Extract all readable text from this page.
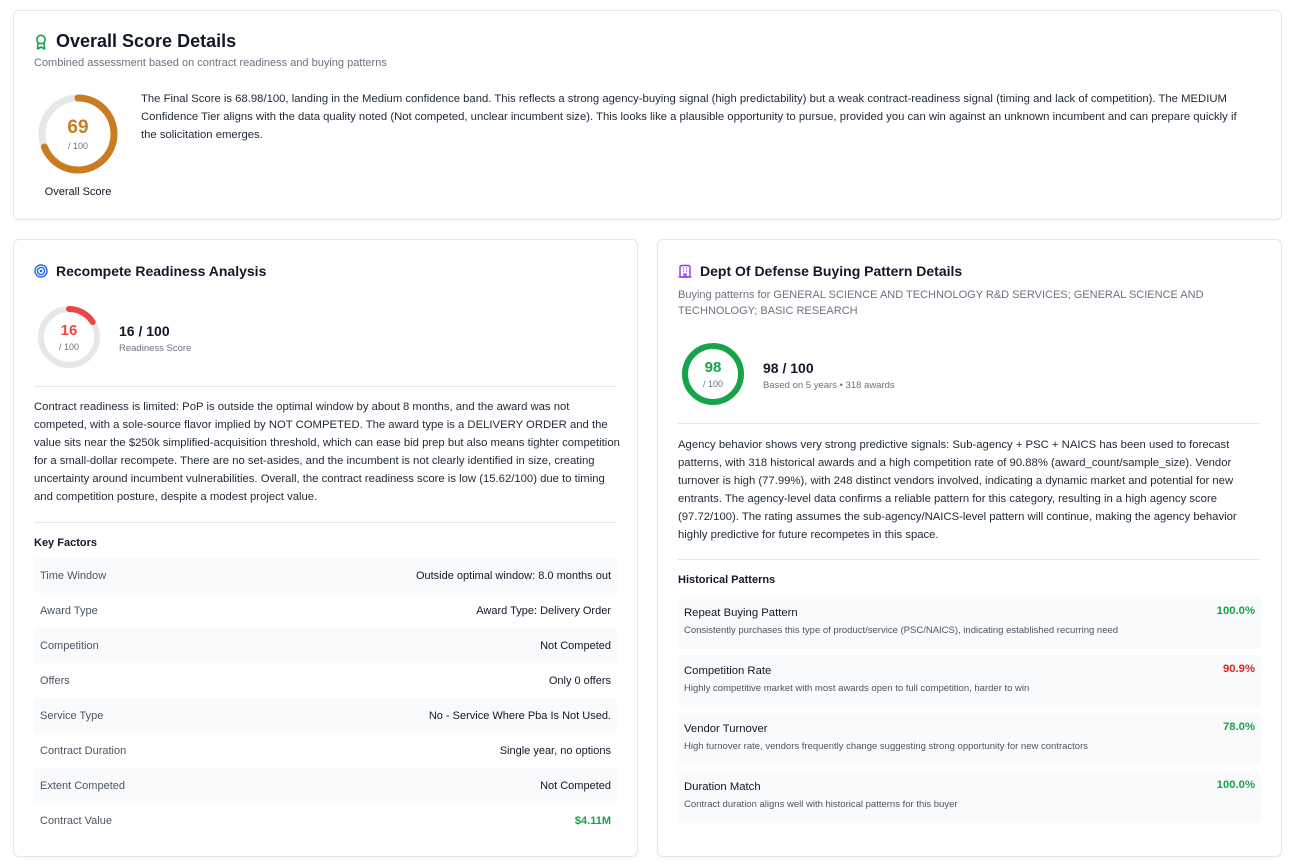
Overall Score Details
Combined assessment based on contract readiness and buying patterns
69
/ 100
Overall Score
The Final Score is 68.98/100, landing in the Medium confidence band. This reflects a strong agency-buying signal (high predictability) but a weak contract-readiness signal (timing and lack of competition). The MEDIUM Confidence Tier aligns with the data quality noted (Not competed, unclear incumbent size). This looks like a plausible opportunity to pursue, provided you can win against an unknown incumbent and can prepare quickly if the solicitation emerges.
Recompete Readiness Analysis
16
/ 100
16 / 100
Readiness Score
Contract readiness is limited: PoP is outside the optimal window by about 8 months, and the award was not competed, with a sole-source flavor implied by NOT COMPETED. The award type is a DELIVERY ORDER and the value sits near the $250k simplified-acquisition threshold, which can ease bid prep but also means tighter competition for a small-dollar recompete. There are no set-asides, and the incumbent is not clearly identified in size, creating uncertainty around incumbent vulnerabilities. Overall, the contract readiness score is low (15.62/100) due to timing and competition posture, despite a modest project value.
Key Factors
Time Window	Outside optimal window: 8.0 months out
Award Type	Award Type: Delivery Order
Competition	Not Competed
Offers	Only 0 offers
Service Type	No - Service Where Pba Is Not Used.
Contract Duration	Single year, no options
Extent Competed	Not Competed
Contract Value	$4.11M
Dept Of Defense Buying Pattern Details
Buying patterns for GENERAL SCIENCE AND TECHNOLOGY R&D SERVICES; GENERAL SCIENCE AND TECHNOLOGY; BASIC RESEARCH
98
/ 100
98 / 100
Based on 5 years • 318 awards
Agency behavior shows very strong predictive signals: Sub-agency + PSC + NAICS has been used to forecast patterns, with 318 historical awards and a high competition rate of 90.88% (award_count/sample_size). Vendor turnover is high (77.99%), with 248 distinct vendors involved, indicating a dynamic market and potential for new entrants. The agency-level data confirms a reliable pattern for this category, resulting in a high agency score (97.72/100). The rating assumes the sub-agency/NAICS-level pattern will continue, making the agency behavior highly predictive for future recompetes in this space.
Historical Patterns
Repeat Buying Pattern
Consistently purchases this type of product/service (PSC/NAICS), indicating established recurring need
100.0%
Competition Rate
Highly competitive market with most awards open to full competition, harder to win
90.9%
Vendor Turnover
High turnover rate, vendors frequently change suggesting strong opportunity for new contractors
78.0%
Duration Match
Contract duration aligns well with historical patterns for this buyer
100.0%
